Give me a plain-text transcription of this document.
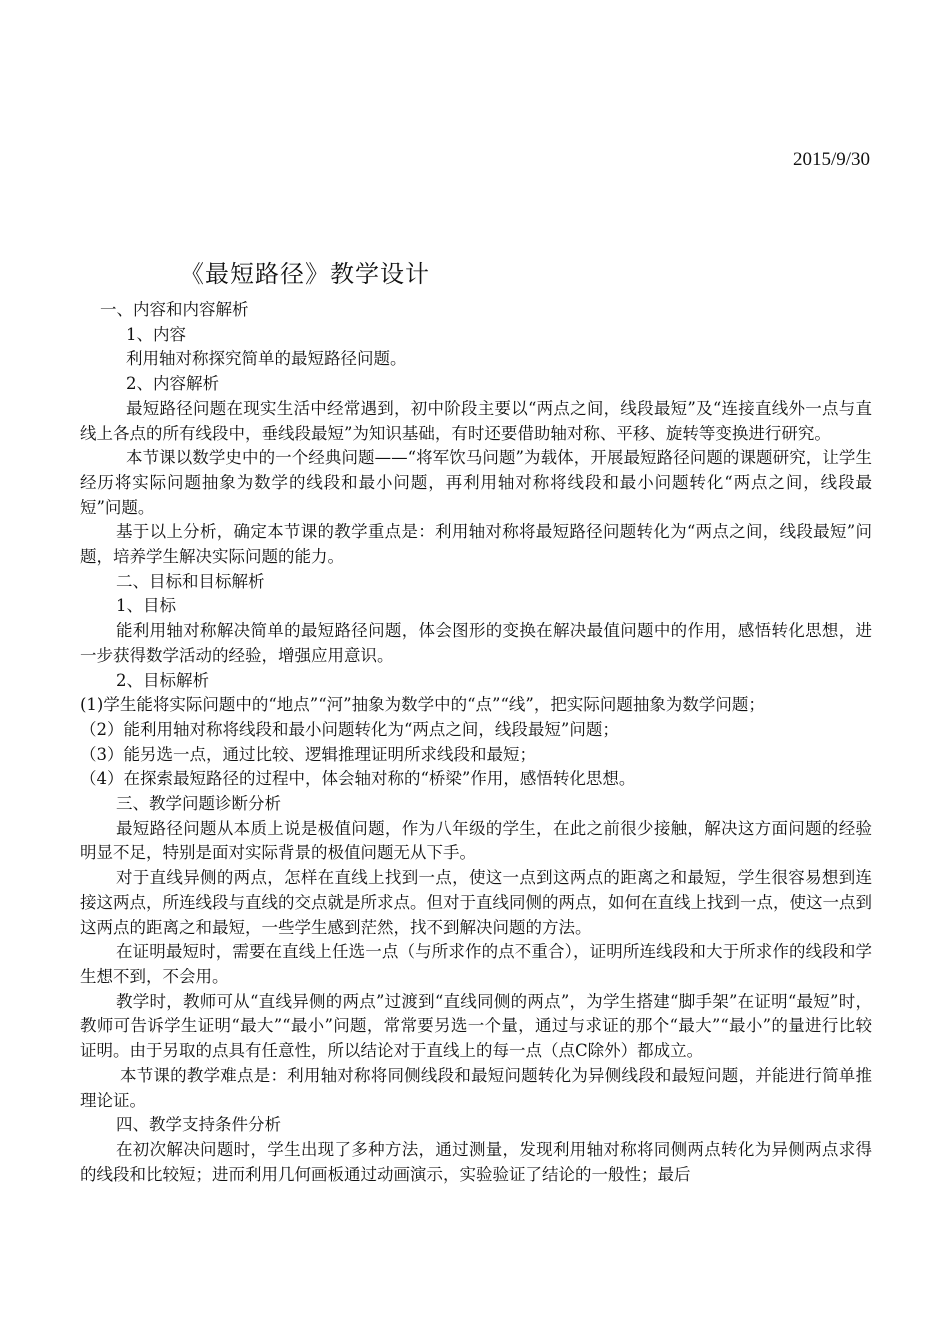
2015/9/30
《最短路径》教学设计

一、内容和内容解析

1、内容

利用轴对称探究简单的最短路径问题。

2、内容解析

最短路径问题在现实生活中经常遇到，初中阶段主要以“两点之间，线段最短”及“连接直线外一点与直线上各点的所有线段中，垂线段最短”为知识基础，有时还要借助轴对称、平移、旋转等变换进行研究。

本节课以数学史中的一个经典问题——“将军饮马问题”为载体，开展最短路径问题的课题研究，让学生经历将实际问题抽象为数学的线段和最小问题，再利用轴对称将线段和最小问题转化“两点之间，线段最短”问题。

基于以上分析，确定本节课的教学重点是：利用轴对称将最短路径问题转化为“两点之间，线段最短”问题，培养学生解决实际问题的能力。

二、目标和目标解析

1、目标

能利用轴对称解决简单的最短路径问题，体会图形的变换在解决最值问题中的作用，感悟转化思想，进一步获得数学活动的经验，增强应用意识。

2、目标解析

(1)学生能将实际问题中的“地点”“河”抽象为数学中的“点”“线”，把实际问题抽象为数学问题；

（2）能利用轴对称将线段和最小问题转化为“两点之间，线段最短”问题；

（3）能另选一点，通过比较、逻辑推理证明所求线段和最短；

（4）在探索最短路径的过程中，体会轴对称的“桥梁”作用，感悟转化思想。

三、教学问题诊断分析

最短路径问题从本质上说是极值问题，作为八年级的学生，在此之前很少接触，解决这方面问题的经验明显不足，特别是面对实际背景的极值问题无从下手。

对于直线异侧的两点，怎样在直线上找到一点，使这一点到这两点的距离之和最短，学生很容易想到连接这两点，所连线段与直线的交点就是所求点。但对于直线同侧的两点，如何在直线上找到一点，使这一点到这两点的距离之和最短，一些学生感到茫然，找不到解决问题的方法。

在证明最短时，需要在直线上任选一点（与所求作的点不重合），证明所连线段和大于所求作的线段和学生想不到，不会用。

教学时，教师可从“直线异侧的两点”过渡到“直线同侧的两点”，为学生搭建“脚手架”在证明“最短”时，教师可告诉学生证明“最大”“最小”问题，常常要另选一个量，通过与求证的那个“最大”“最小”的量进行比较证明。由于另取的点具有任意性，所以结论对于直线上的每一点（点C除外）都成立。

本节课的教学难点是：利用轴对称将同侧线段和最短问题转化为异侧线段和最短问题，并能进行简单推理论证。

四、教学支持条件分析

在初次解决问题时，学生出现了多种方法，通过测量，发现利用轴对称将同侧两点转化为异侧两点求得的线段和比较短；进而利用几何画板通过动画演示，实验验证了结论的一般性；最后
